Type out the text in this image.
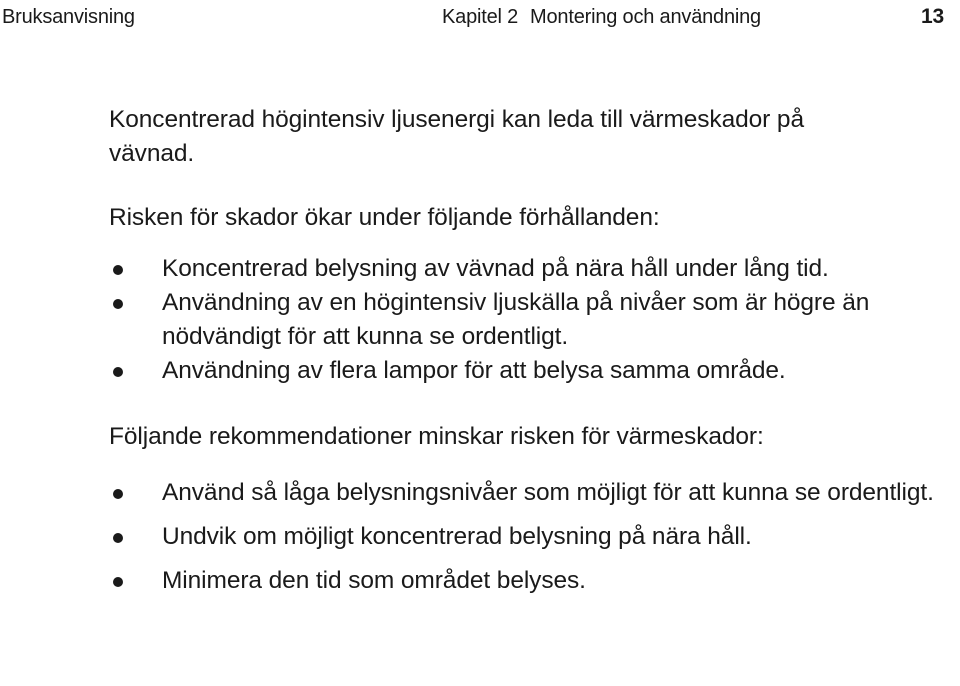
Bruksanvisning	Kapitel 2 Montering och användning	13

Koncentrerad högintensiv ljusenergi kan leda till värmeskador på vävnad.

Risken för skador ökar under följande förhållanden:

Koncentrerad belysning av vävnad på nära håll under lång tid.
Användning av en högintensiv ljuskälla på nivåer som är högre än nödvändigt för att kunna se ordentligt.
Användning av flera lampor för att belysa samma område.

Följande rekommendationer minskar risken för värmeskador:

Använd så låga belysningsnivåer som möjligt för att kunna se ordentligt.
Undvik om möjligt koncentrerad belysning på nära håll.
Minimera den tid som området belyses.
